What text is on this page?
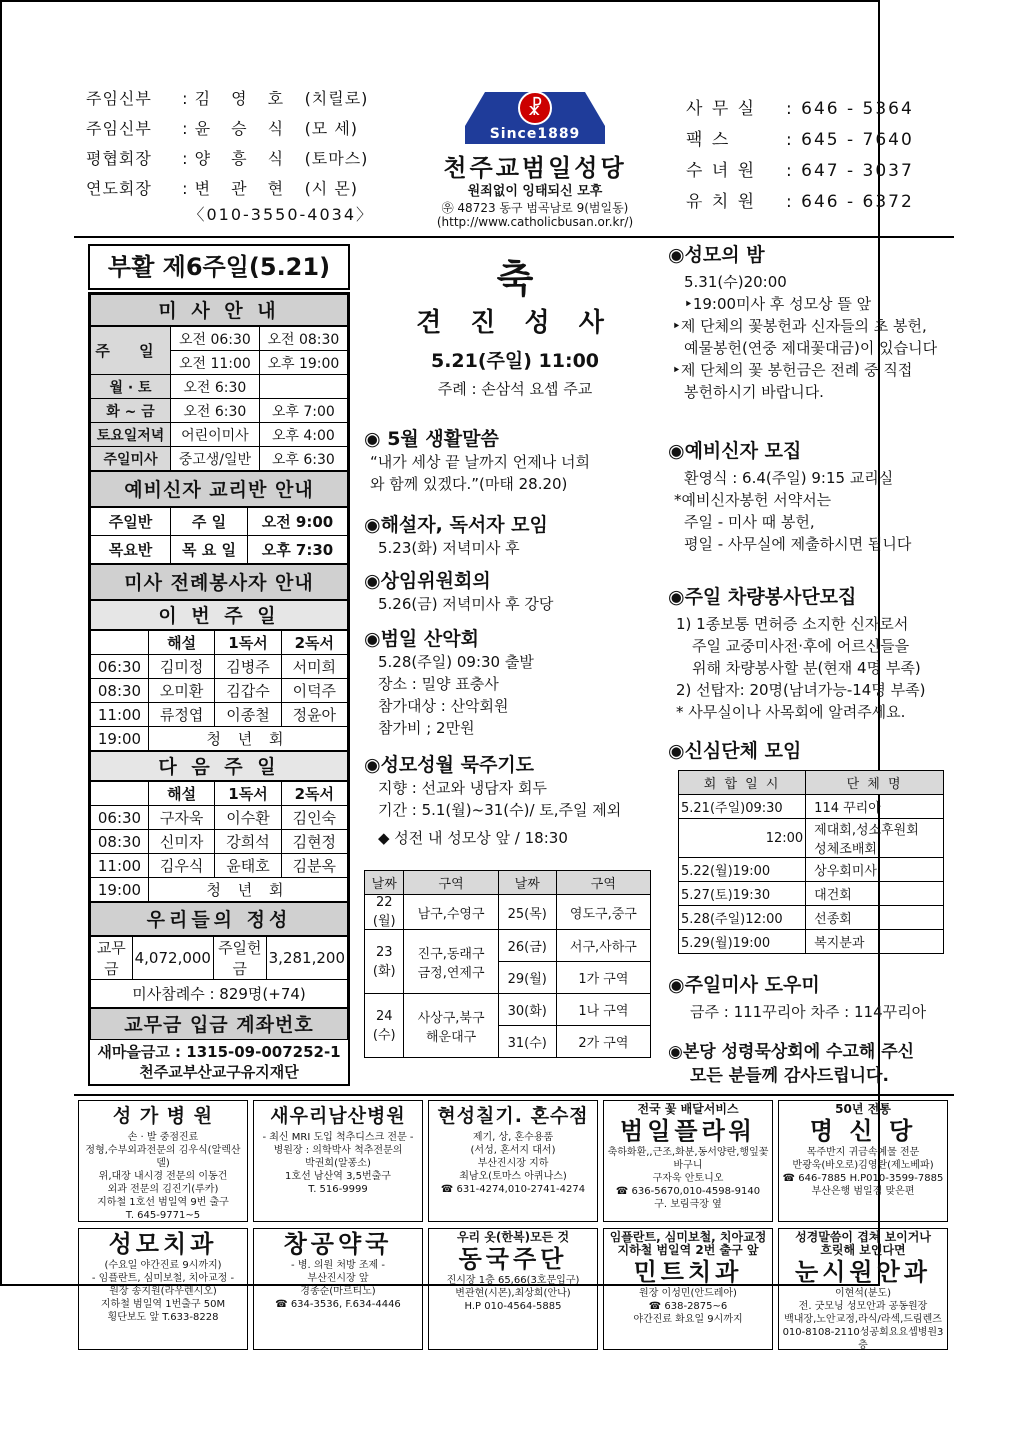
주임신부 : 김 영 호 (치릴로)
주임신부 : 윤 승 식 (모 세)
평협회장 : 양 흥 식 (토마스)
연도회장 : 변 관 현 (시 몬)
〈010-3550-4034〉
☧
Since1889
천주교범일성당
원죄없이 잉태되신 모후
㉾ 48723 동구 범곡남로 9(범일동)
(http://www.catholicbusan.or.kr/)
사 무 실 : 646 - 5364
팩 스	: 645 - 7640
수 녀 원 : 647 - 3037
유 치 원 : 646 - 6372
부활 제6주일(5.21)
미 사 안 내
주 일	오전 06:30	오전 08:30
	오전 11:00	오후 19:00
월 · 토	오전 6:30	
화 ~ 금	오전 6:30	오후 7:00
토요일저녁	어린이미사	오후 4:00
주일미사	중고생/일반	오후 6:30
예비신자 교리반 안내
주일반	주 일	오전 9:00
목요반	목 요 일	오후 7:30
미사 전례봉사자 안내
이 번 주 일
	해설	1독서	2독서
06:30	김미정	김병주	서미희
08:30	오미환	김갑수	이덕주
11:00	류정엽	이종철	정윤아
19:00	청 년 회		
다 음 주 일
	해설	1독서	2독서
06:30	구자욱	이수환	김인숙
08:30	신미자	강희석	김현정
11:00	김우식	윤태호	김분옥
19:00	청 년 회		
우리들의 정성
교무금	4,072,000	주일헌금	3,281,200
미사참례수 : 829명(+74)
교무금 입금 계좌번호
새마을금고 : 1315-09-007252-1
천주교부산교구유지재단
축
견 진 성 사
5.21(주일) 11:00
주례 : 손삼석 요셉 주교
◉ 5월 생활말씀
“내가 세상 끝 날까지 언제나 너희
와 함께 있겠다.”(마태 28.20)
◉해설자, 독서자 모임
5.23(화) 저녁미사 후
◉상임위원회의
5.26(금) 저녁미사 후 강당
◉범일 산악회
5.28(주일) 09:30 출발
장소 : 밀양 표충사
참가대상 : 산악회원
참가비 ; 2만원
◉성모성월 묵주기도
지향 : 선교와 냉담자 회두
기간 : 5.1(월)~31(수)/ 토,주일 제외
◆ 성전 내 성모상 앞 / 18:30
날짜	구역	날짜	구역
22
(월)	남구,수영구	25(목)	영도구,중구
23
(화)	진구,동래구
금정,연제구	26(금)	서구,사하구
		29(월)	1가 구역
24
(수)	사상구,북구
해운대구	30(화)	1나 구역
		31(수)	2가 구역
◉성모의 밤
5.31(수)20:00
‣19:00미사 후 성모상 뜰 앞
‣제 단체의 꽃봉헌과 신자들의 초 봉헌,
예물봉헌(연중 제대꽃대금)이 있습니다
‣제 단체의 꽃 봉헌금은 전례 중 직접
봉헌하시기 바랍니다.
◉예비신자 모집
환영식 : 6.4(주일) 9:15 교리실
*예비신자봉헌 서약서는
주일 - 미사 때 봉헌,
평일 - 사무실에 제출하시면 됩니다
◉주일 차량봉사단모집
1) 1종보통 면허증 소지한 신자로서
주일 교중미사전·후에 어르신들을
위해 차량봉사할 분(현재 4명 부족)
2) 선탑자: 20명(남녀가능-14명 부족)
* 사무실이나 사목회에 알려주세요.
◉신심단체 모임
회 합 일 시	단 체 명
5.21(주일)09:30	114 꾸리아
12:00	제대회,성소후원회
성체조배회
5.22(월)19:00	상우회미사
5.27(토)19:30	대건회
5.28(주일)12:00	선종회
5.29(월)19:00	복지분과
◉주일미사 도우미
금주 : 111꾸리아 차주 : 114꾸리아
◉본당 성령묵상회에 수고해 주신
모든 분들께 감사드립니다.
성 가 병 원
손 · 발 중점진료
정형,수부외과전문의 김우식(알렉산델)
위,대장 내시경 전문의 이동건
외과 전문의 김진기(루카)
지하철 1호선 범일역 9번 출구
T. 645-9771~5
새우리남산병원
- 최신 MRI 도입 척추디스크 전문 -
병원장 : 의학박사 척추전문의
박권희(알퐁소)
1호선 남산역 3,5번출구
T. 516-9999
현성칠기. 혼수점
제기, 상, 혼수용품
(서성, 혼서지 대서)
부산진시장 지하
최남오(토마스 아퀴나스)
☎ 631-4274,010-2741-4274
전국 꽃 배달서비스
범일플라워
축하화환,,근조,화분,동서양란,행잎꽃바구니
구자욱 안토니오
☎ 636-5670,010-4598-9140
구. 보림극장 옆
50년 전통
명 신 당
목주반지 귀금속예물 전문
반광욱(바오로)김영란(제노베파)
☎ 646-7885 H.P010-3599-7885
부산은행 범일점 맞은편
성모치과
(수요일 야간진료 9시까지)
- 임플란트, 심미보철, 치아교정 -
원장 송지원(라우렌시오)
지하철 범일역 1번출구 50M
횡단보도 앞 T.633-8228
창공약국
- 병. 의원 처방 조제 -
부산진시장 앞
경종순(마르티노)
☎ 634-3536, F.634-4446
우리 옷(한복)모든 것
동국주단
진시장 1층 65,66(3호문입구)
변관현(시몬),최상희(안나)
H.P 010-4564-5885
임플란트, 심미보철, 치아교정
지하철 범일역 2번 출구 앞
민트치과
원장 이성민(안드레아)
☎ 638-2875~6
야간진료 화요일 9시까지
성경말씀이 겹쳐 보이거나
흐릿해 보인다면
눈시원안과
이현석(분도)
전. 굿모닝 성모안과 공동원장
백내장,노안교정,라식/라섹,드림렌즈
010-8108-2110성공회요요셉병원3층
